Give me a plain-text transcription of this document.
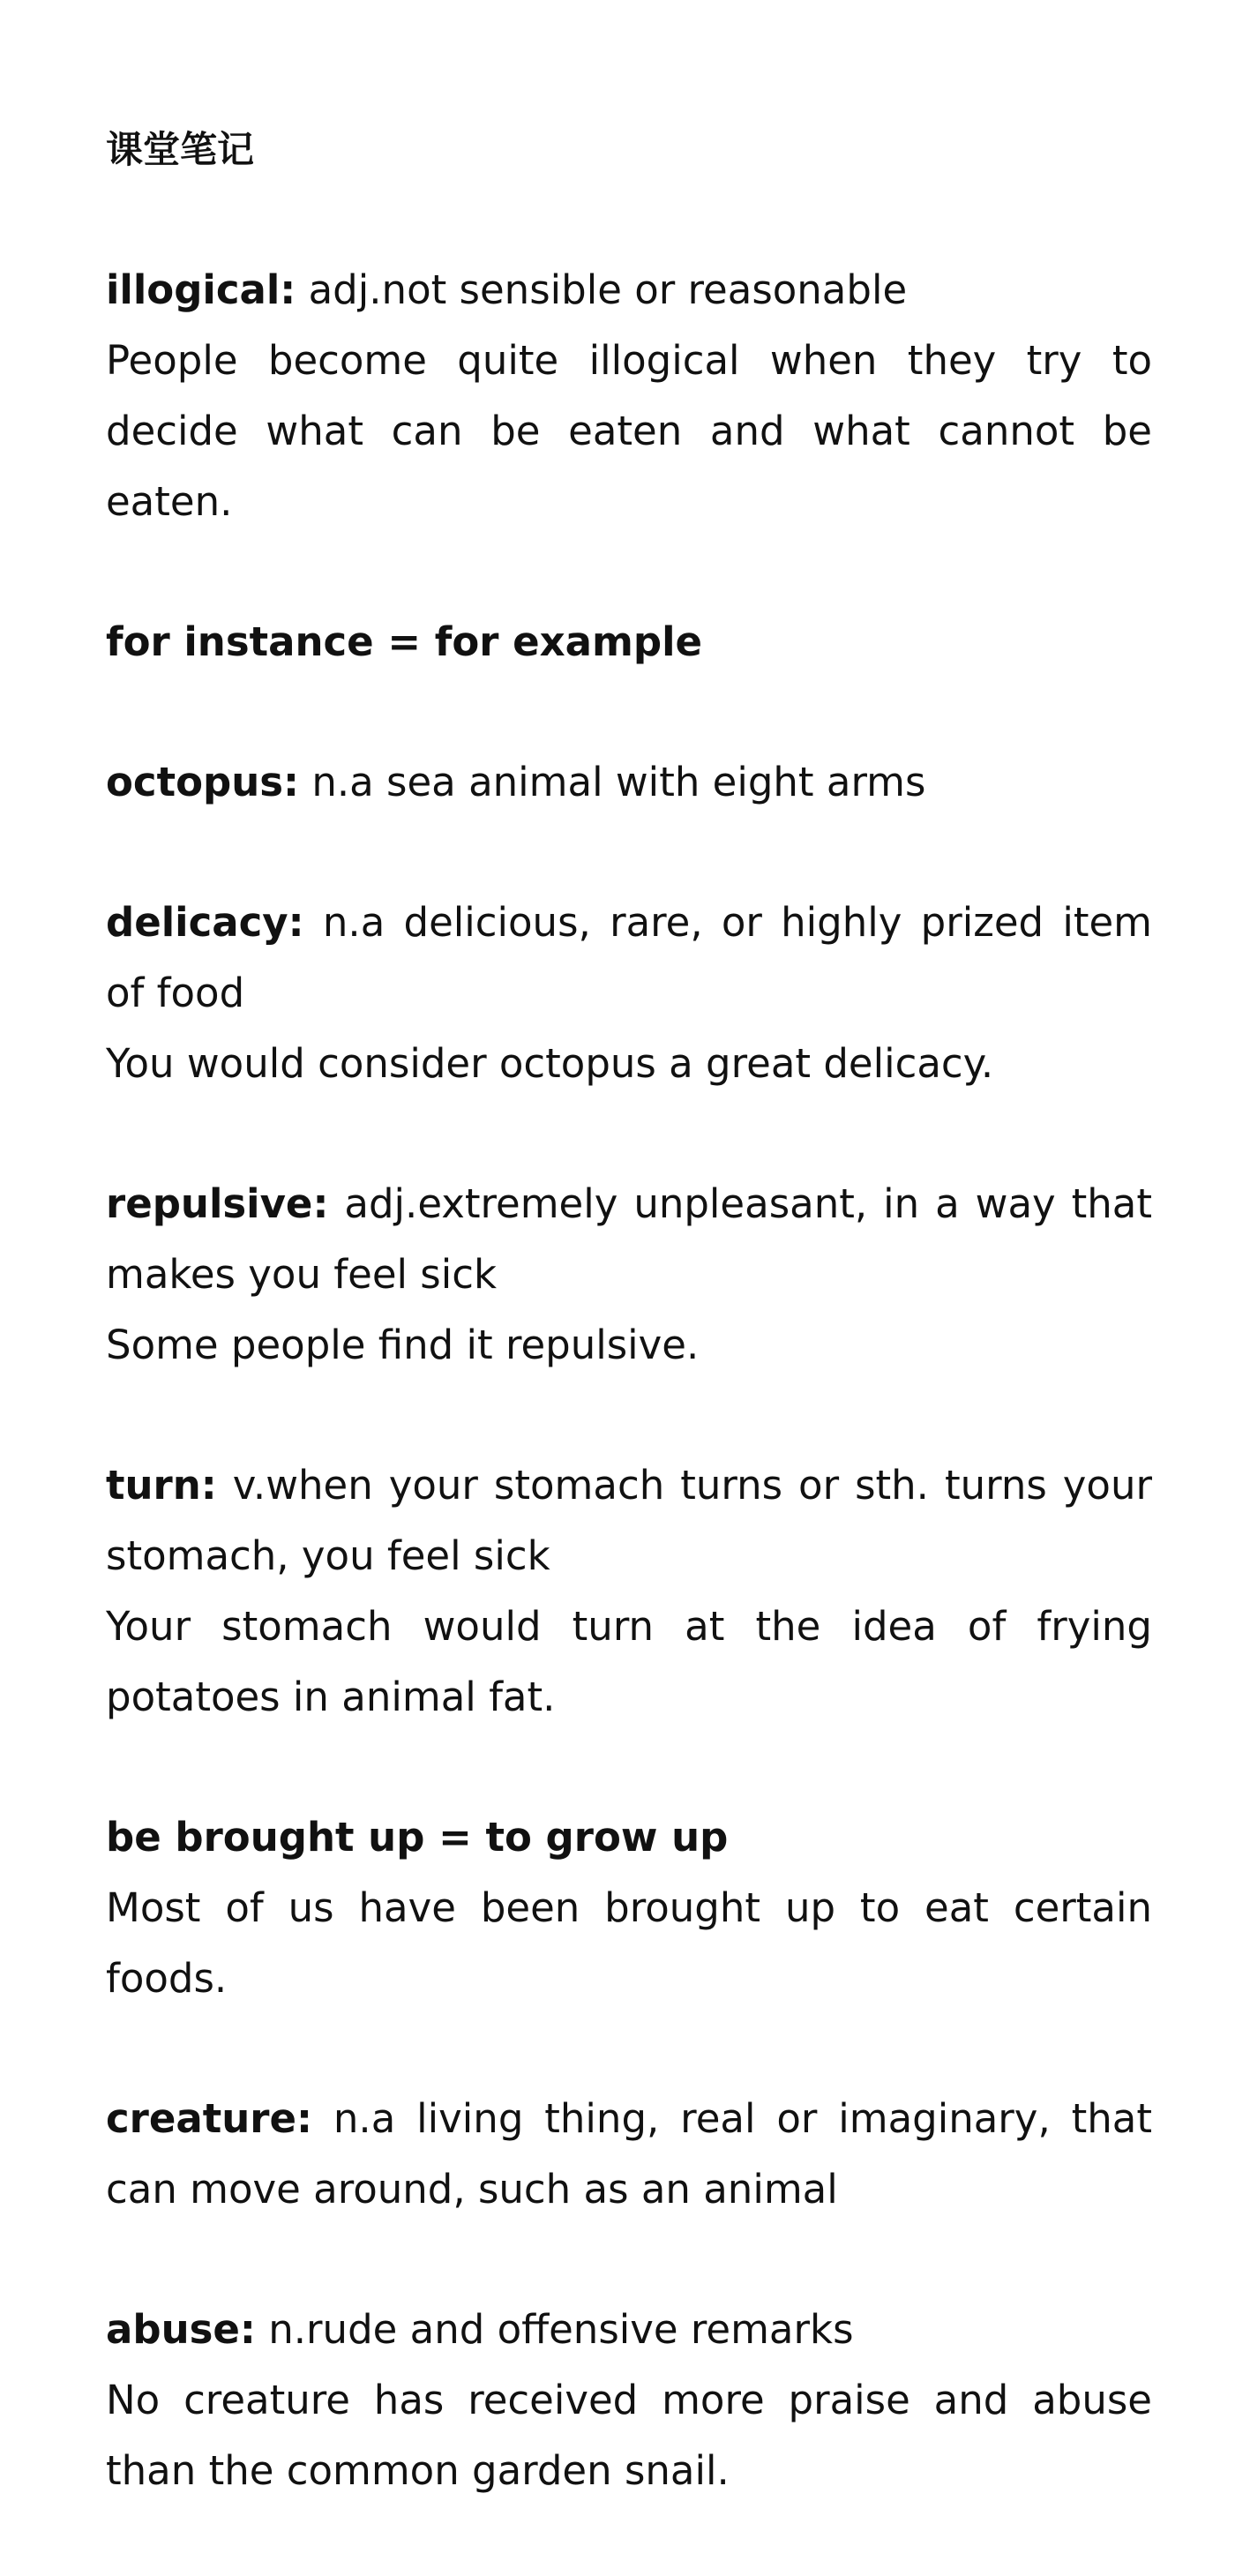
课堂笔记

illogical: adj.not sensible or reasonable

People become quite illogical when they try to decide what can be eaten and what cannot be eaten.

for instance = for example

octopus: n.a sea animal with eight arms

delicacy: n.a delicious, rare, or highly prized item of food

You would consider octopus a great delicacy.

repulsive: adj.extremely unpleasant, in a way that makes you feel sick

Some people find it repulsive.

turn: v.when your stomach turns or sth. turns your stomach, you feel sick

Your stomach would turn at the idea of frying potatoes in animal fat.

be brought up = to grow up

Most of us have been brought up to eat certain foods.

creature: n.a living thing, real or imaginary, that can move around, such as an animal

abuse: n.rude and offensive remarks

No creature has received more praise and abuse than the common garden snail.
